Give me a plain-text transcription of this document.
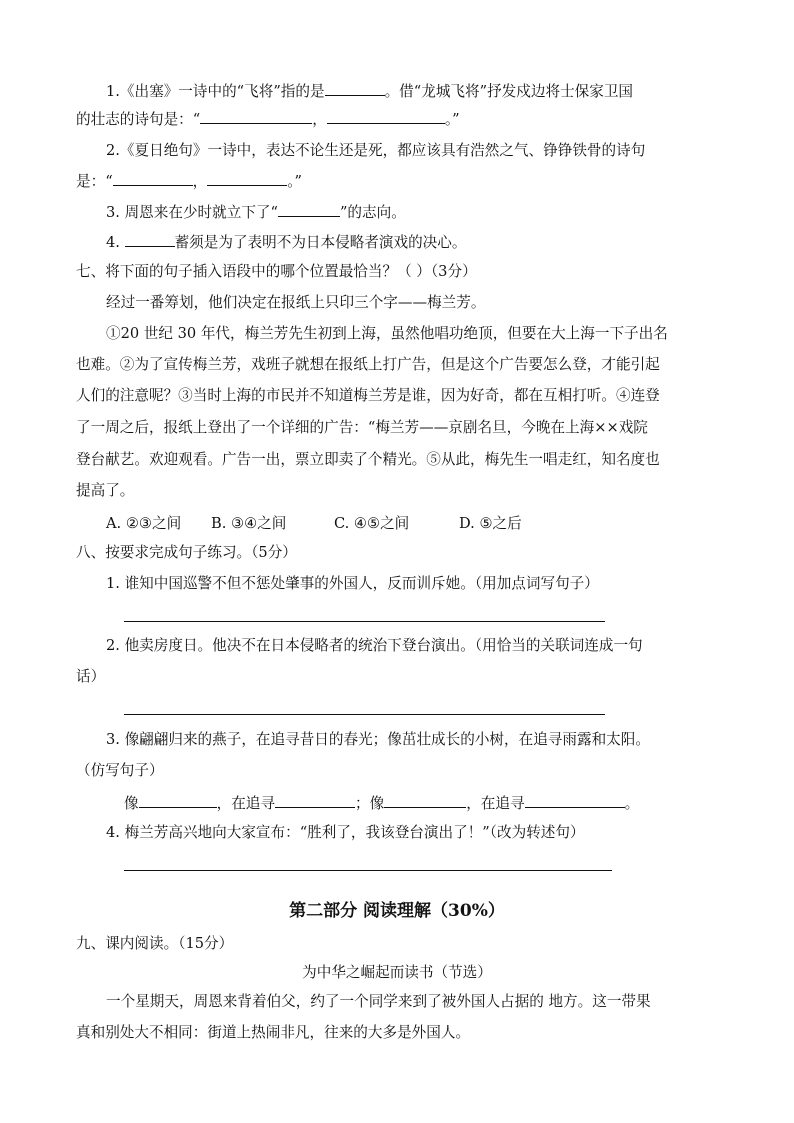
1.《出塞》一诗中的“飞将”指的是	。借“龙城飞将”抒发戍边将士保家卫国
的壮志的诗句是：“	，	。”
2.《夏日绝句》一诗中，表达不论生还是死，都应该具有浩然之气、铮铮铁骨的诗句
是：“	，	。”
3. 周恩来在少时就立下了“	”的志向。
4.	蓄须是为了表明不为日本侵略者演戏的决心。
七、将下面的句子插入语段中的哪个位置最恰当？（ ）（3分）
经过一番筹划，他们决定在报纸上只印三个字——梅兰芳。
①20 世纪 30 年代，梅兰芳先生初到上海，虽然他唱功绝顶，但要在大上海一下子出名
也难。②为了宣传梅兰芳，戏班子就想在报纸上打广告，但是这个广告要怎么登，才能引起
人们的注意呢？③当时上海的市民并不知道梅兰芳是谁，因为好奇，都在互相打听。④连登
了一周之后，报纸上登出了一个详细的广告：“梅兰芳——京剧名旦，今晚在上海××戏院
登台献艺。欢迎观看。广告一出，票立即卖了个精光。⑤从此，梅先生一唱走红，知名度也
提高了。
A. ②③之间 B. ③④之间	C. ④⑤之间	D. ⑤之后
八、按要求完成句子练习。（5分）
1. 谁知中国巡警不但不惩处肇事的外国人，反而训斥她。（用加点词写句子）
2. 他卖房度日。他决不在日本侵略者的统治下登台演出。（用恰当的关联词连成一句
话）
3. 像翩翩归来的燕子，在追寻昔日的春光；像茁壮成长的小树，在追寻雨露和太阳。
（仿写句子）
像	，在追寻	；像	，在追寻	。
4. 梅兰芳高兴地向大家宣布：“胜利了，我该登台演出了！”（改为转述句）
第二部分 阅读理解（30%）
九、课内阅读。（15分）
为中华之崛起而读书（节选）
一个星期天，周恩来背着伯父，约了一个同学来到了被外国人占据的 地方。这一带果
真和别处大不相同：街道上热闹非凡，往来的大多是外国人。
